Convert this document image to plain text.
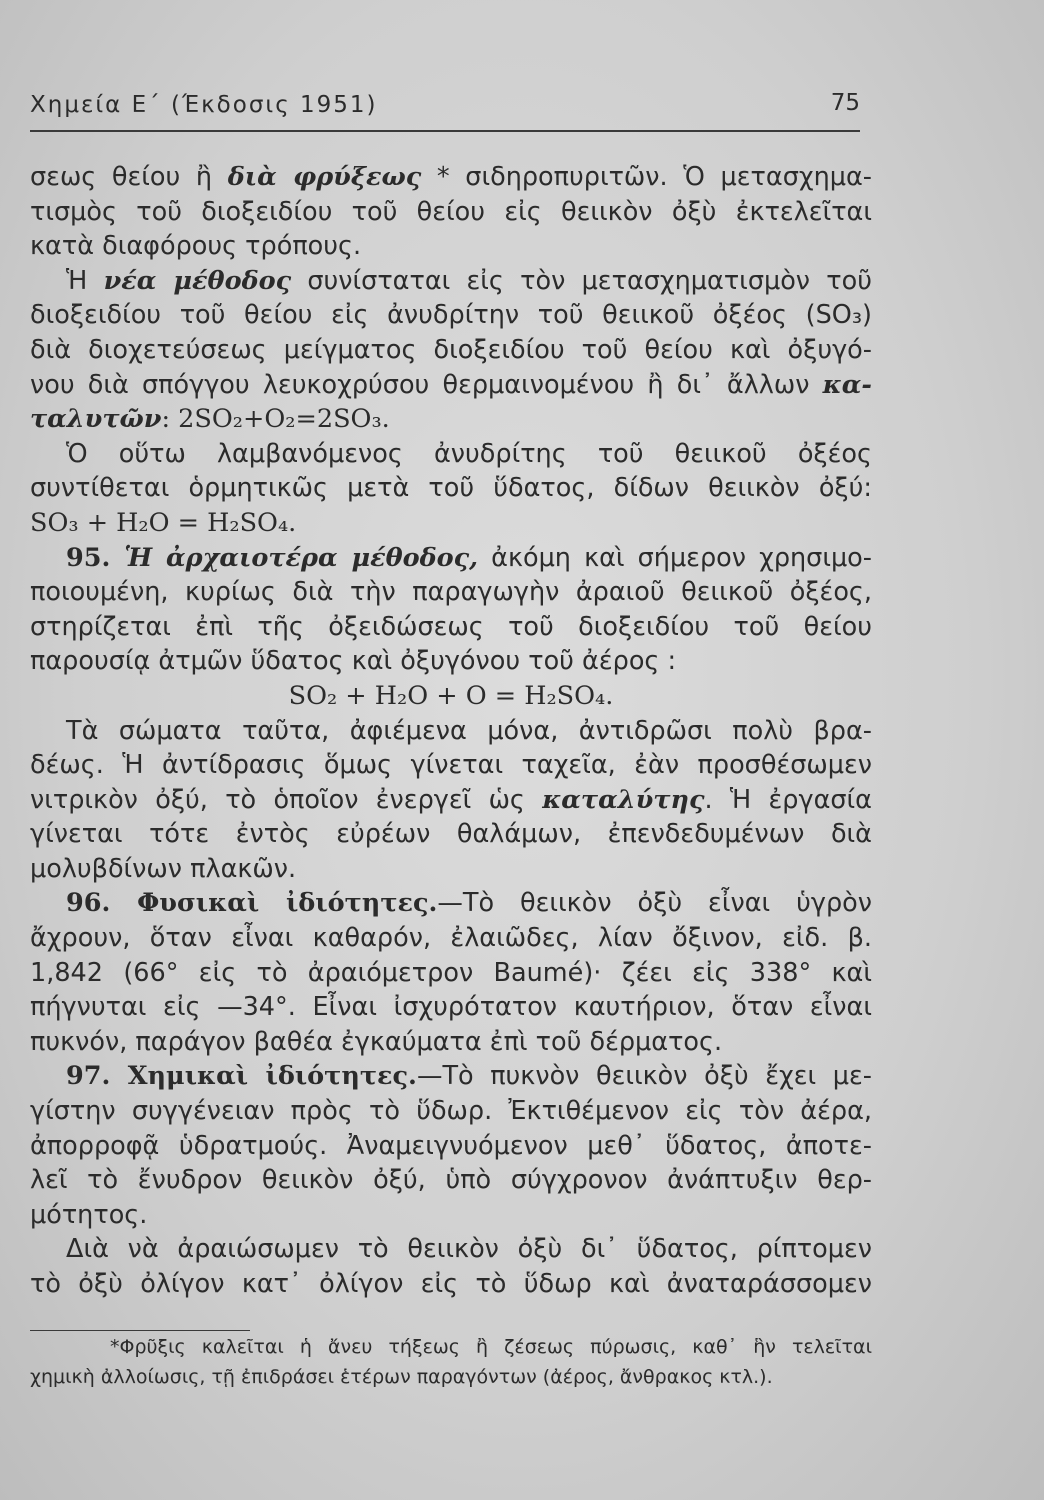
Χημεία Ε΄ (Έκδοσις 1951)	75
σεως θείου ἢ διὰ φρύξεως * σιδηροπυριτῶν. Ὁ μετασχημα-
τισμὸς τοῦ διοξειδίου τοῦ θείου εἰς θειικὸν ὀξὺ ἐκτελεῖται
κατὰ διαφόρους τρόπους.
Ἡ νέα μέθοδος συνίσταται εἰς τὸν μετασχηματισμὸν τοῦ
διοξειδίου τοῦ θείου εἰς ἀνυδρίτην τοῦ θειικοῦ ὀξέος (SO₃)
διὰ διοχετεύσεως μείγματος διοξειδίου τοῦ θείου καὶ ὀξυγό-
νου διὰ σπόγγου λευκοχρύσου θερμαινομένου ἢ δι᾿ ἄλλων κα-
ταλυτῶν: 2SO₂+O₂=2SO₃.
Ὁ οὕτω λαμβανόμενος ἀνυδρίτης τοῦ θειικοῦ ὀξέος
συντίθεται ὁρμητικῶς μετὰ τοῦ ὕδατος, δίδων θειικὸν ὀξύ:
SO₃ + H₂O = H₂SO₄.
95. Ἡ ἀρχαιοτέρα μέθοδος, ἀκόμη καὶ σήμερον χρησιμο-
ποιουμένη, κυρίως διὰ τὴν παραγωγὴν ἀραιοῦ θειικοῦ ὀξέος,
στηρίζεται ἐπὶ τῆς ὀξειδώσεως τοῦ διοξειδίου τοῦ θείου
παρουσίᾳ ἀτμῶν ὕδατος καὶ ὀξυγόνου τοῦ ἀέρος :
SO₂ + H₂O + O = H₂SO₄.
Τὰ σώματα ταῦτα, ἀφιέμενα μόνα, ἀντιδρῶσι πολὺ βρα-
δέως. Ἡ ἀντίδρασις ὅμως γίνεται ταχεῖα, ἐὰν προσθέσωμεν
νιτρικὸν ὀξύ, τὸ ὁποῖον ἐνεργεῖ ὡς καταλύτης. Ἡ ἐργασία
γίνεται τότε ἐντὸς εὐρέων θαλάμων, ἐπενδεδυμένων διὰ
μολυβδίνων πλακῶν.
96. Φυσικαὶ ἰδιότητες.—Τὸ θειικὸν ὀξὺ εἶναι ὑγρὸν
ἄχρουν, ὅταν εἶναι καθαρόν, ἐλαιῶδες, λίαν ὄξινον, εἰδ. β.
1,842 (66° εἰς τὸ ἀραιόμετρον Baumé)· ζέει εἰς 338° καὶ
πήγνυται εἰς —34°. Εἶναι ἰσχυρότατον καυτήριον, ὅταν εἶναι
πυκνόν, παράγον βαθέα ἐγκαύματα ἐπὶ τοῦ δέρματος.
97. Χημικαὶ ἰδιότητες.—Τὸ πυκνὸν θειικὸν ὀξὺ ἔχει με-
γίστην συγγένειαν πρὸς τὸ ὕδωρ. Ἐκτιθέμενον εἰς τὸν ἀέρα,
ἀπορροφᾷ ὑδρατμούς. Ἀναμειγνυόμενον μεθ᾿ ὕδατος, ἀποτε-
λεῖ τὸ ἔνυδρον θειικὸν ὀξύ, ὑπὸ σύγχρονον ἀνάπτυξιν θερ-
μότητος.
Διὰ νὰ ἀραιώσωμεν τὸ θειικὸν ὀξὺ δι᾿ ὕδατος, ρίπτομεν
τὸ ὀξὺ ὀλίγον κατ᾿ ὀλίγον εἰς τὸ ὕδωρ καὶ ἀναταράσσομεν
*Φρῦξις καλεῖται ἡ ἄνευ τήξεως ἢ ζέσεως πύρωσις, καθ᾿ ἣν τελεῖται
χημικὴ ἀλλοίωσις, τῇ ἐπιδράσει ἑτέρων παραγόντων (ἀέρος, ἄνθρακος κτλ.).
